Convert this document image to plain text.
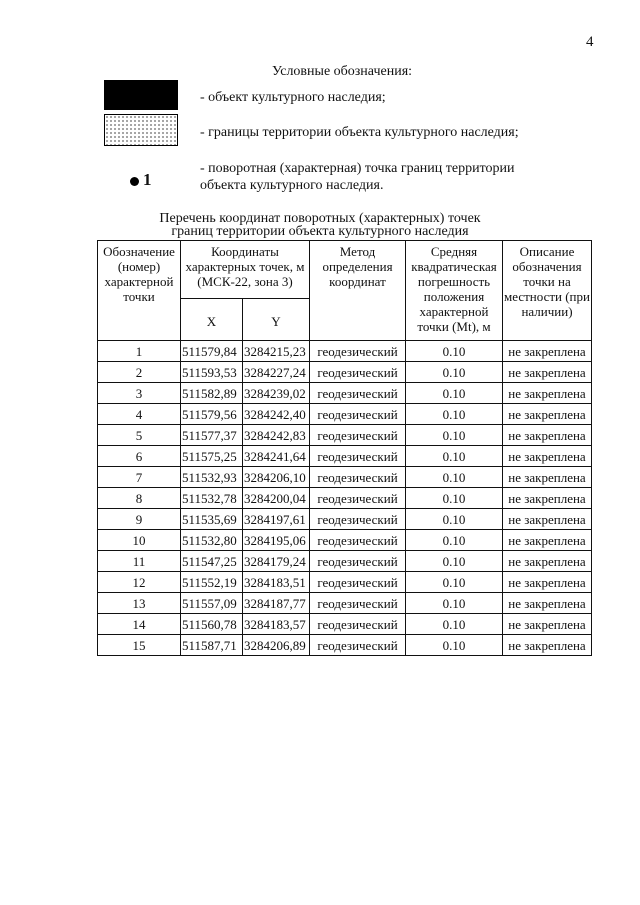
4
Условные обозначения:
- объект культурного наследия;
- границы территории объекта культурного наследия;
1
- поворотная (характерная) точка границ территории объекта культурного наследия.
Перечень координат поворотных (характерных) точек
границ территории объекта культурного наследия
Обозначение (номер) характерной точки	Координаты характерных точек, м (МСК-22, зона 3)		Метод определения координат	Средняя квадратическая погрешность положения характерной точки (Mt), м	Описание обозначения точки на местности (при наличии)
	X	Y			
1	511579,84	3284215,23	геодезический	0.10	не закреплена
2	511593,53	3284227,24	геодезический	0.10	не закреплена
3	511582,89	3284239,02	геодезический	0.10	не закреплена
4	511579,56	3284242,40	геодезический	0.10	не закреплена
5	511577,37	3284242,83	геодезический	0.10	не закреплена
6	511575,25	3284241,64	геодезический	0.10	не закреплена
7	511532,93	3284206,10	геодезический	0.10	не закреплена
8	511532,78	3284200,04	геодезический	0.10	не закреплена
9	511535,69	3284197,61	геодезический	0.10	не закреплена
10	511532,80	3284195,06	геодезический	0.10	не закреплена
11	511547,25	3284179,24	геодезический	0.10	не закреплена
12	511552,19	3284183,51	геодезический	0.10	не закреплена
13	511557,09	3284187,77	геодезический	0.10	не закреплена
14	511560,78	3284183,57	геодезический	0.10	не закреплена
15	511587,71	3284206,89	геодезический	0.10	не закреплена
